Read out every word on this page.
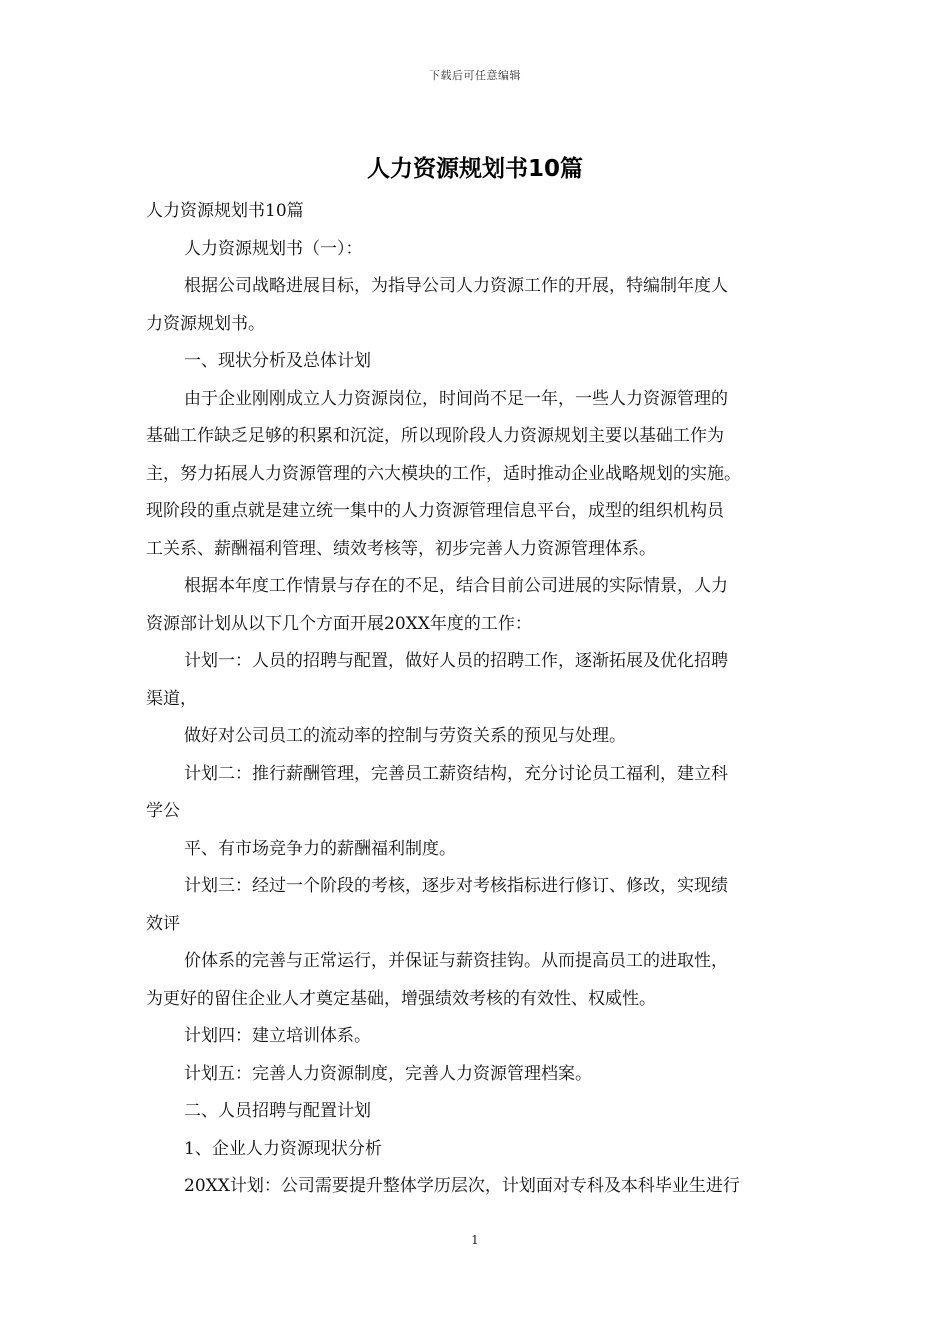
下载后可任意编辑
人力资源规划书10篇
人力资源规划书10篇
人力资源规划书（一）：
根据公司战略进展目标，为指导公司人力资源工作的开展，特编制年度人
力资源规划书。
一、现状分析及总体计划
由于企业刚刚成立人力资源岗位，时间尚不足一年，一些人力资源管理的
基础工作缺乏足够的积累和沉淀，所以现阶段人力资源规划主要以基础工作为
主，努力拓展人力资源管理的六大模块的工作，适时推动企业战略规划的实施。
现阶段的重点就是建立统一集中的人力资源管理信息平台，成型的组织机构员
工关系、薪酬福利管理、绩效考核等，初步完善人力资源管理体系。
根据本年度工作情景与存在的不足，结合目前公司进展的实际情景，人力
资源部计划从以下几个方面开展20XX年度的工作：
计划一：人员的招聘与配置，做好人员的招聘工作，逐渐拓展及优化招聘
渠道，
做好对公司员工的流动率的控制与劳资关系的预见与处理。
计划二：推行薪酬管理，完善员工薪资结构，充分讨论员工福利，建立科
学公
平、有市场竞争力的薪酬福利制度。
计划三：经过一个阶段的考核，逐步对考核指标进行修订、修改，实现绩
效评
价体系的完善与正常运行，并保证与薪资挂钩。从而提高员工的进取性，
为更好的留住企业人才奠定基础，增强绩效考核的有效性、权威性。
计划四：建立培训体系。
计划五：完善人力资源制度，完善人力资源管理档案。
二、人员招聘与配置计划
1、企业人力资源现状分析
20XX计划：公司需要提升整体学历层次，计划面对专科及本科毕业生进行
1
